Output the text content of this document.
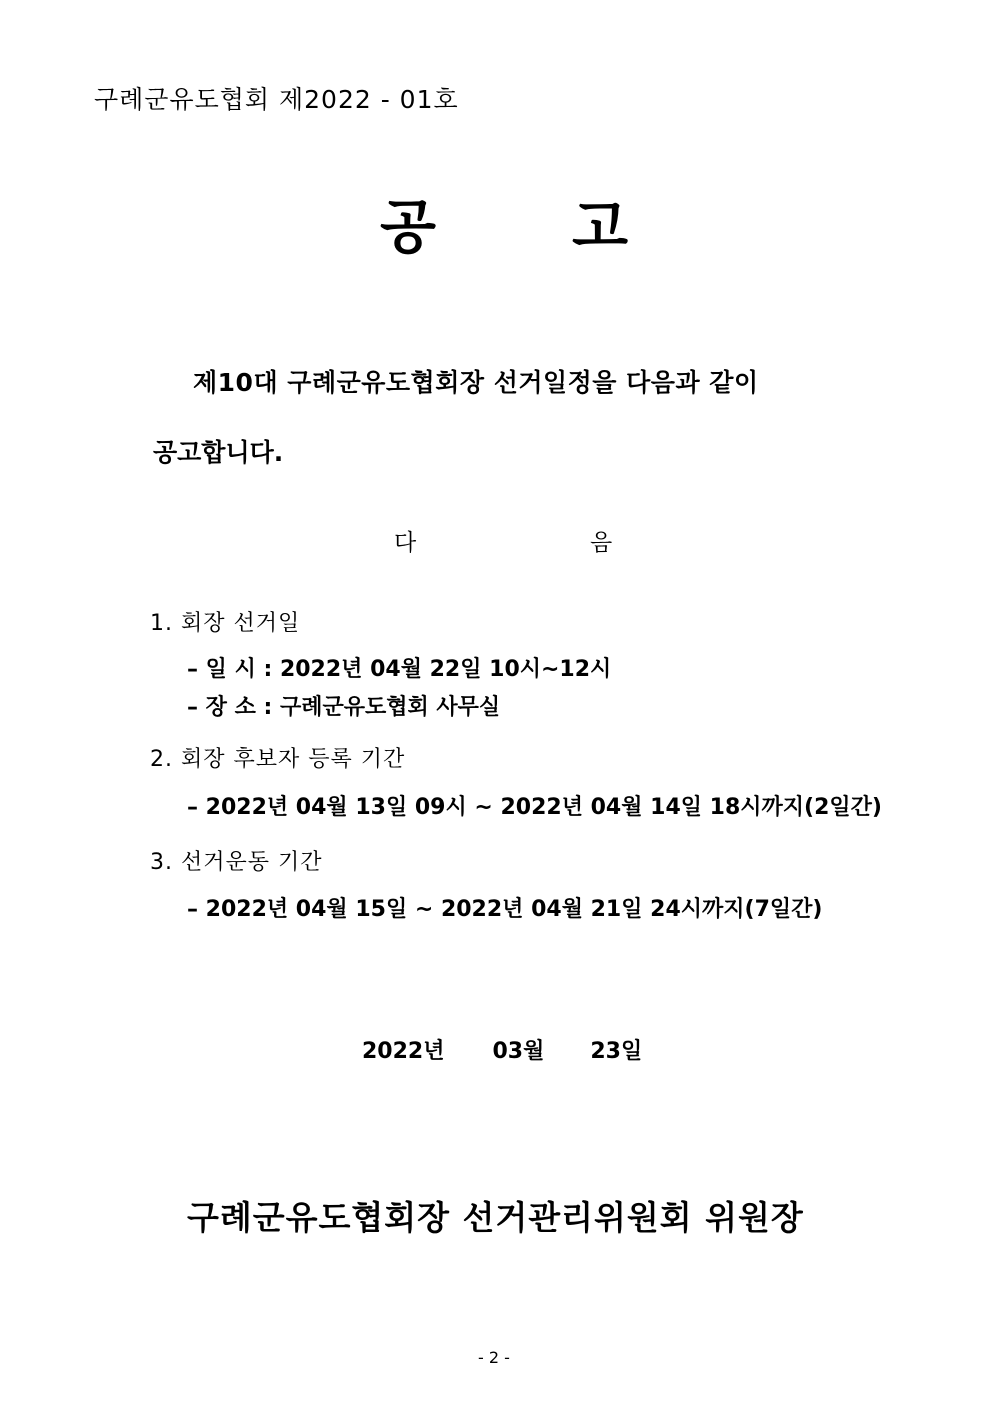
구례군유도협회 제2022 - 01호
공 고
제10대 구례군유도협회장 선거일정을 다음과 같이
공고합니다.
다	음
1. 회장 선거일
– 일 시 : 2022년 04월 22일 10시~12시
– 장 소 : 구례군유도협회 사무실
2. 회장 후보자 등록 기간
– 2022년 04월 13일 09시 ~ 2022년 04월 14일 18시까지(2일간)
3. 선거운동 기간
– 2022년 04월 15일 ~ 2022년 04월 21일 24시까지(7일간)
2022년 03월 23일
구례군유도협회장 선거관리위원회 위원장
- 2 -
